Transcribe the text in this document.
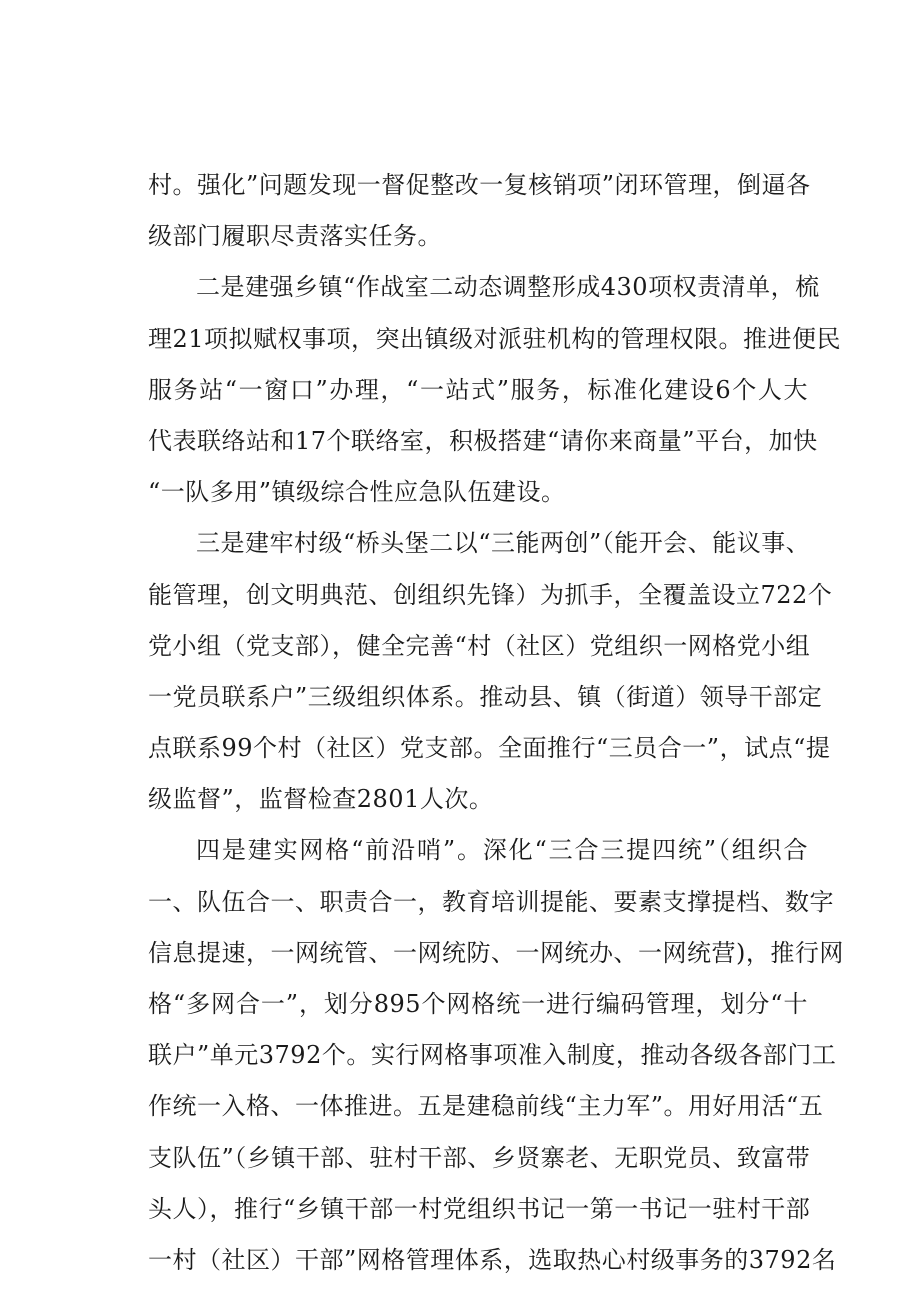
村。强化”问题发现一督促整改一复核销项”闭环管理，倒逼各
级部门履职尽责落实任务。
二是建强乡镇“作战室二动态调整形成430项权责清单，梳
理21项拟赋权事项，突出镇级对派驻机构的管理权限。推进便民
服务站“一窗口”办理，“一站式”服务，标准化建设6个人大
代表联络站和17个联络室，积极搭建“请你来商量”平台，加快
“一队多用”镇级综合性应急队伍建设。
三是建牢村级“桥头堡二以“三能两创”（能开会、能议事、
能管理，创文明典范、创组织先锋）为抓手，全覆盖设立722个
党小组（党支部），健全完善“村（社区）党组织一网格党小组
一党员联系户”三级组织体系。推动县、镇（街道）领导干部定
点联系99个村（社区）党支部。全面推行“三员合一”，试点“提
级监督”，监督检查2801人次。
四是建实网格“前沿哨”。深化“三合三提四统”（组织合
一、队伍合一、职责合一，教育培训提能、要素支撑提档、数字
信息提速，一网统管、一网统防、一网统办、一网统营)，推行网
格“多网合一”，划分895个网格统一进行编码管理，划分“十
联户”单元3792个。实行网格事项准入制度，推动各级各部门工
作统一入格、一体推进。五是建稳前线“主力军”。用好用活“五
支队伍”（乡镇干部、驻村干部、乡贤寨老、无职党员、致富带
头人），推行“乡镇干部一村党组织书记一第一书记一驻村干部
一村（社区）干部”网格管理体系，选取热心村级事务的3792名
